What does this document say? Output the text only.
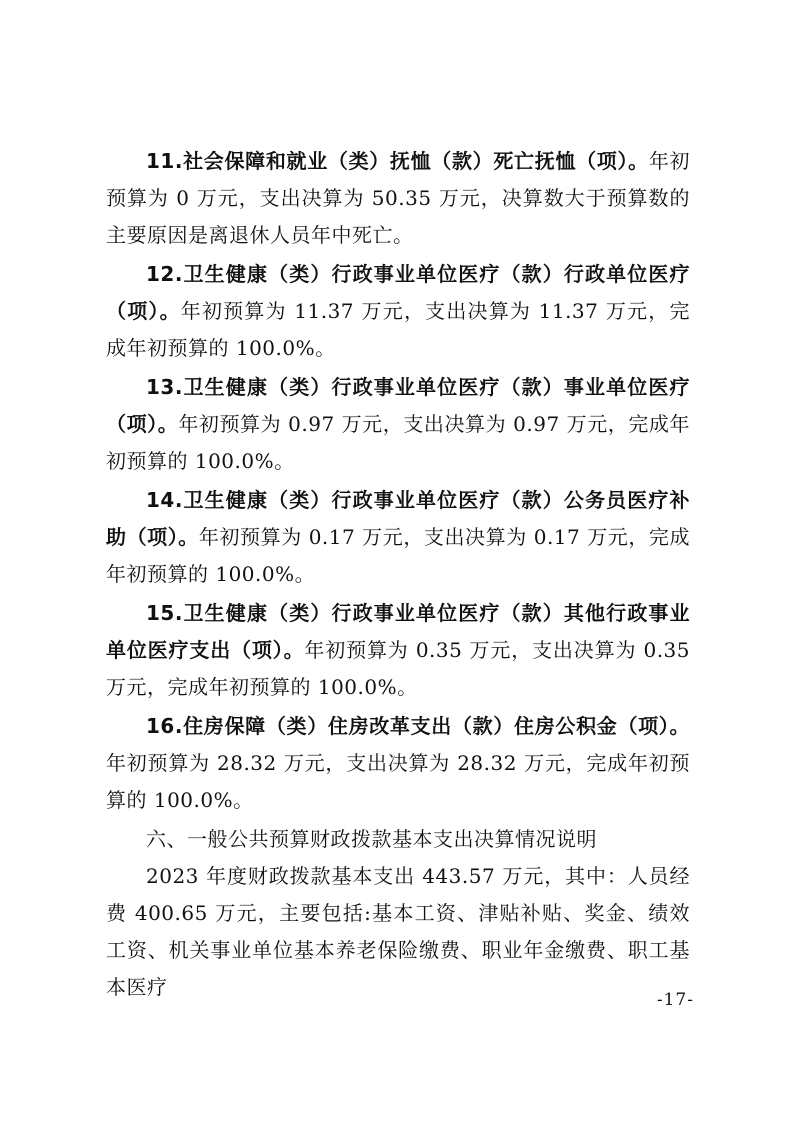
11.社会保障和就业（类）抚恤（款）死亡抚恤（项）。年初预算为 0 万元，支出决算为 50.35 万元，决算数大于预算数的主要原因是离退休人员年中死亡。

12.卫生健康（类）行政事业单位医疗（款）行政单位医疗（项）。年初预算为 11.37 万元，支出决算为 11.37 万元，完成年初预算的 100.0%。

13.卫生健康（类）行政事业单位医疗（款）事业单位医疗（项）。年初预算为 0.97 万元，支出决算为 0.97 万元，完成年初预算的 100.0%。

14.卫生健康（类）行政事业单位医疗（款）公务员医疗补助（项）。年初预算为 0.17 万元，支出决算为 0.17 万元，完成年初预算的 100.0%。

15.卫生健康（类）行政事业单位医疗（款）其他行政事业单位医疗支出（项）。年初预算为 0.35 万元，支出决算为 0.35 万元，完成年初预算的 100.0%。

16.住房保障（类）住房改革支出（款）住房公积金（项）。年初预算为 28.32 万元，支出决算为 28.32 万元，完成年初预算的 100.0%。

六、一般公共预算财政拨款基本支出决算情况说明

2023 年度财政拨款基本支出 443.57 万元，其中：人员经费 400.65 万元，主要包括:基本工资、津贴补贴、奖金、绩效工资、机关事业单位基本养老保险缴费、职业年金缴费、职工基本医疗

-17-
